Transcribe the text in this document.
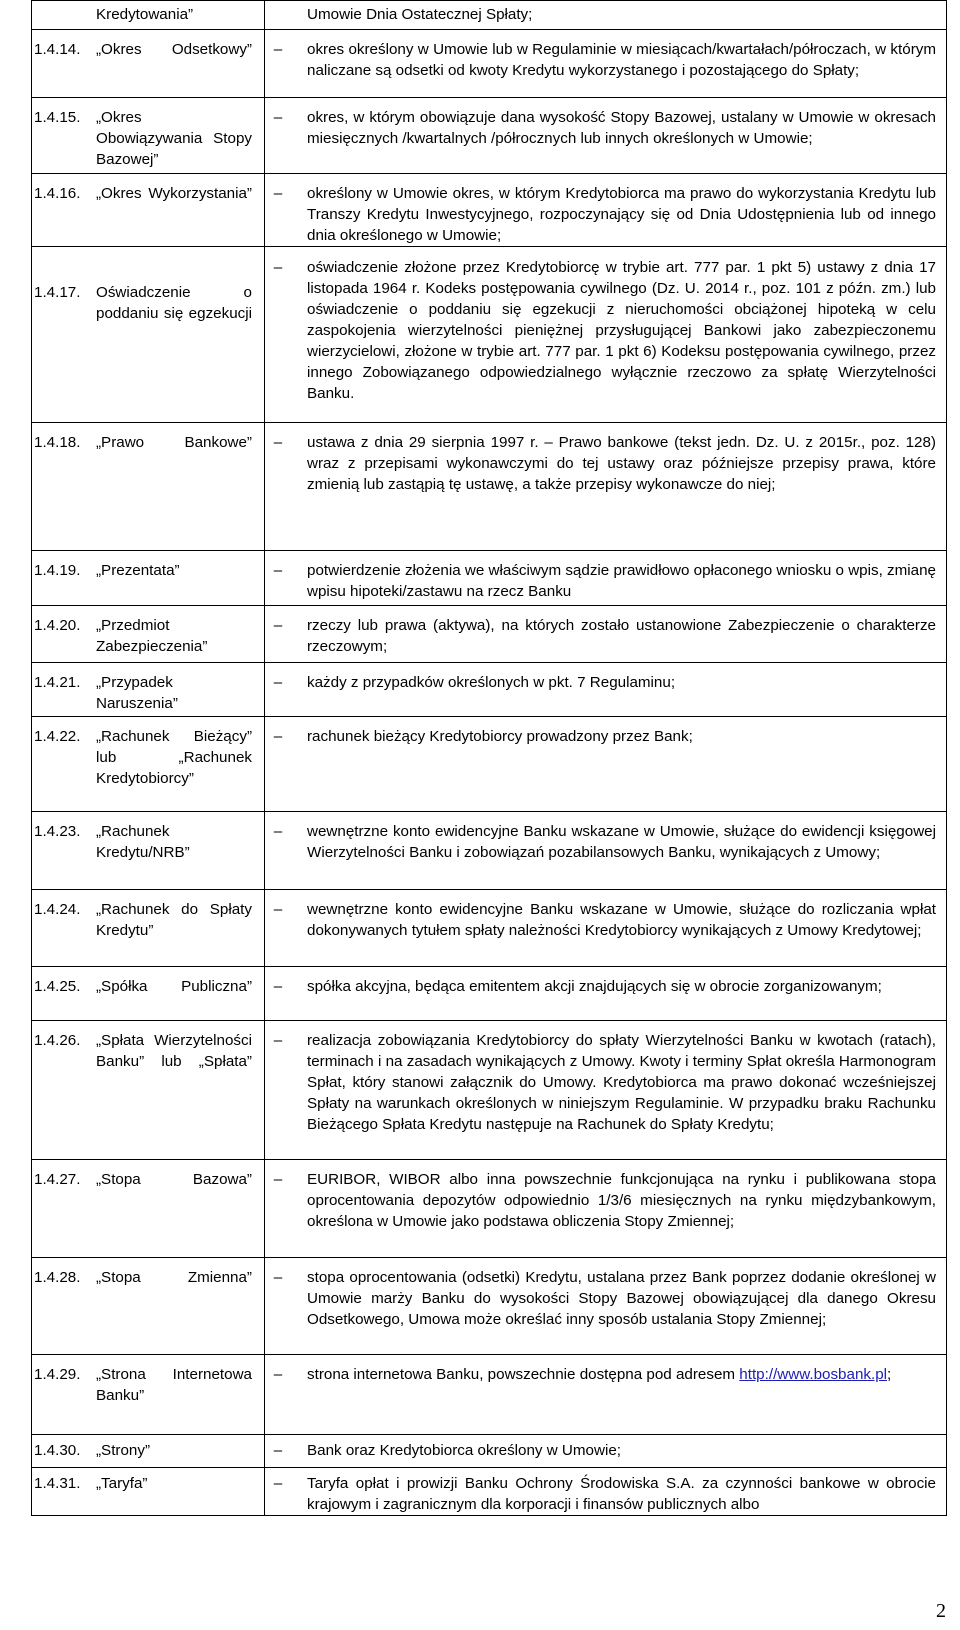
Kredytowania”	Umowie Dnia Ostatecznej Spłaty;

1.4.14. „Okres Odsetkowy”	– okres określony w Umowie lub w Regulaminie w miesiącach/kwartałach/półroczach, w którym naliczane są odsetki od kwoty Kredytu wykorzystanego i pozostającego do Spłaty;

1.4.15. „Okres Obowiązywania Stopy Bazowej”	– okres, w którym obowiązuje dana wysokość Stopy Bazowej, ustalany w Umowie w okresach miesięcznych /kwartalnych /półrocznych lub innych określonych w Umowie;

1.4.16. „Okres Wykorzystania”	– określony w Umowie okres, w którym Kredytobiorca ma prawo do wykorzystania Kredytu lub Transzy Kredytu Inwestycyjnego, rozpoczynający się od Dnia Udostępnienia lub od innego dnia określonego w Umowie;

1.4.17. Oświadczenie o poddaniu się egzekucji	– oświadczenie złożone przez Kredytobiorcę w trybie art. 777 par. 1 pkt 5) ustawy z dnia 17 listopada 1964 r. Kodeks postępowania cywilnego (Dz. U. 2014 r., poz. 101 z późn. zm.) lub oświadczenie o poddaniu się egzekucji z nieruchomości obciążonej hipoteką w celu zaspokojenia wierzytelności pieniężnej przysługującej Bankowi jako zabezpieczonemu wierzycielowi, złożone w trybie art. 777 par. 1 pkt 6) Kodeksu postępowania cywilnego, przez innego Zobowiązanego odpowiedzialnego wyłącznie rzeczowo za spłatę Wierzytelności Banku.

1.4.18. „Prawo Bankowe”	– ustawa z dnia 29 sierpnia 1997 r. – Prawo bankowe (tekst jedn. Dz. U. z 2015r., poz. 128) wraz z przepisami wykonawczymi do tej ustawy oraz późniejsze przepisy prawa, które zmienią lub zastąpią tę ustawę, a także przepisy wykonawcze do niej;

1.4.19. „Prezentata”	– potwierdzenie złożenia we właściwym sądzie prawidłowo opłaconego wniosku o wpis, zmianę wpisu hipoteki/zastawu na rzecz Banku

1.4.20. „Przedmiot Zabezpieczenia”	– rzeczy lub prawa (aktywa), na których zostało ustanowione Zabezpieczenie o charakterze rzeczowym;

1.4.21. „Przypadek Naruszenia”	– każdy z przypadków określonych w pkt. 7 Regulaminu;

1.4.22. „Rachunek Bieżący” lub „Rachunek Kredytobiorcy”	– rachunek bieżący Kredytobiorcy prowadzony przez Bank;

1.4.23. „Rachunek Kredytu/NRB”	– wewnętrzne konto ewidencyjne Banku wskazane w Umowie, służące do ewidencji księgowej Wierzytelności Banku i zobowiązań pozabilansowych Banku, wynikających z Umowy;

1.4.24. „Rachunek do Spłaty Kredytu”	– wewnętrzne konto ewidencyjne Banku wskazane w Umowie, służące do rozliczania wpłat dokonywanych tytułem spłaty należności Kredytobiorcy wynikających z Umowy Kredytowej;

1.4.25. „Spółka Publiczna”	– spółka akcyjna, będąca emitentem akcji znajdujących się w obrocie zorganizowanym;

1.4.26. „Spłata Wierzytelności Banku” lub „Spłata”	– realizacja zobowiązania Kredytobiorcy do spłaty Wierzytelności Banku w kwotach (ratach), terminach i na zasadach wynikających z Umowy. Kwoty i terminy Spłat określa Harmonogram Spłat, który stanowi załącznik do Umowy. Kredytobiorca ma prawo dokonać wcześniejszej Spłaty na warunkach określonych w niniejszym Regulaminie. W przypadku braku Rachunku Bieżącego Spłata Kredytu następuje na Rachunek do Spłaty Kredytu;

1.4.27. „Stopa Bazowa”	– EURIBOR, WIBOR albo inna powszechnie funkcjonująca na rynku i publikowana stopa oprocentowania depozytów odpowiednio 1/3/6 miesięcznych na rynku międzybankowym, określona w Umowie jako podstawa obliczenia Stopy Zmiennej;

1.4.28. „Stopa Zmienna”	– stopa oprocentowania (odsetki) Kredytu, ustalana przez Bank poprzez dodanie określonej w Umowie marży Banku do wysokości Stopy Bazowej obowiązującej dla danego Okresu Odsetkowego, Umowa może określać inny sposób ustalania Stopy Zmiennej;

1.4.29. „Strona Internetowa Banku”	– strona internetowa Banku, powszechnie dostępna pod adresem http://www.bosbank.pl;

1.4.30. „Strony”	– Bank oraz Kredytobiorca określony w Umowie;

1.4.31. „Taryfa”	– Taryfa opłat i prowizji Banku Ochrony Środowiska S.A. za czynności bankowe w obrocie krajowym i zagranicznym dla korporacji i finansów publicznych albo
2
